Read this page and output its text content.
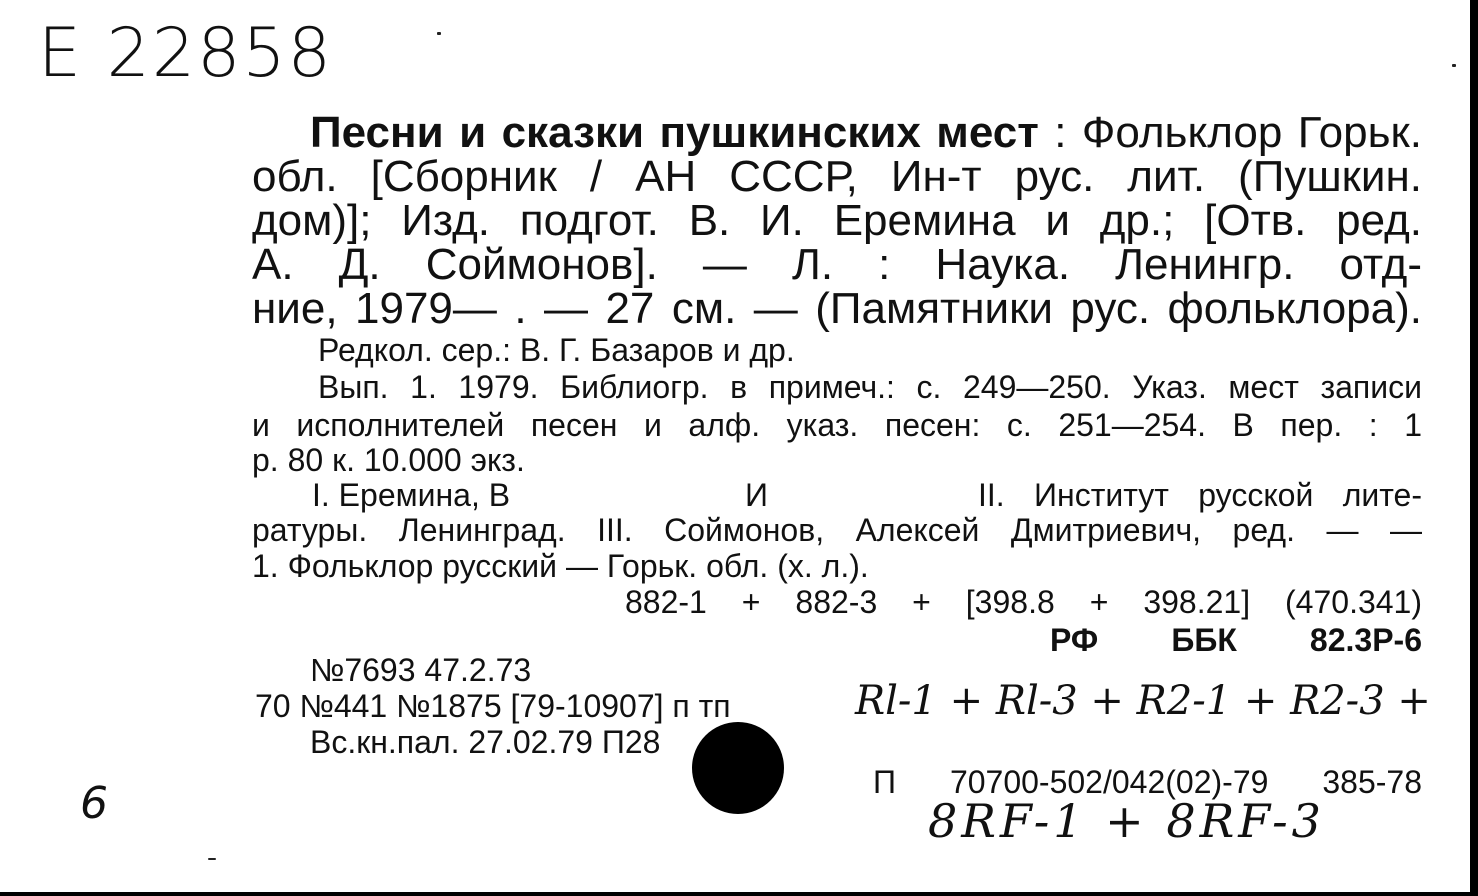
E 22858
Песни и сказки пушкинских мест : Фольклор Горьк.
обл. [Сборник / АН СССР, Ин-т рус. лит. (Пушкин.
дом)]; Изд. подгот. В. И. Еремина и др.; [Отв. ред.
А. Д. Соймонов]. — Л. : Наука. Ленингр. отд-
ние, 1979— . — 27 см. — (Памятники рус. фольклора).
Редкол. сер.: В. Г. Базаров и др.
Вып. 1. 1979. Библиогр. в примеч.: с. 249—250. Указ. мест записи
и исполнителей песен и алф. указ. песен: с. 251—254. В пер. : 1
р. 80 к. 10.000 экз.
I. Еремина, В	И	II. Институт русской лите-
ратуры. Ленинград. III. Соймонов, Алексей Дмитриевич, ред. — —
1. Фольклор русский — Горьк. обл. (х. л.).
882-1 + 882-3 + [398.8 + 398.21] (470.341)
РФ ББК 82.3Р-6
№7693 47.2.73
70 №441 №1875 [79-10907] п тп
Вс.кн.пал. 27.02.79 П28
П 70700-502/042(02)-79 385-78
Rl-1 + Rl-3 + R2-1 + R2-3 +
8RF-1 + 8RF-3
6
